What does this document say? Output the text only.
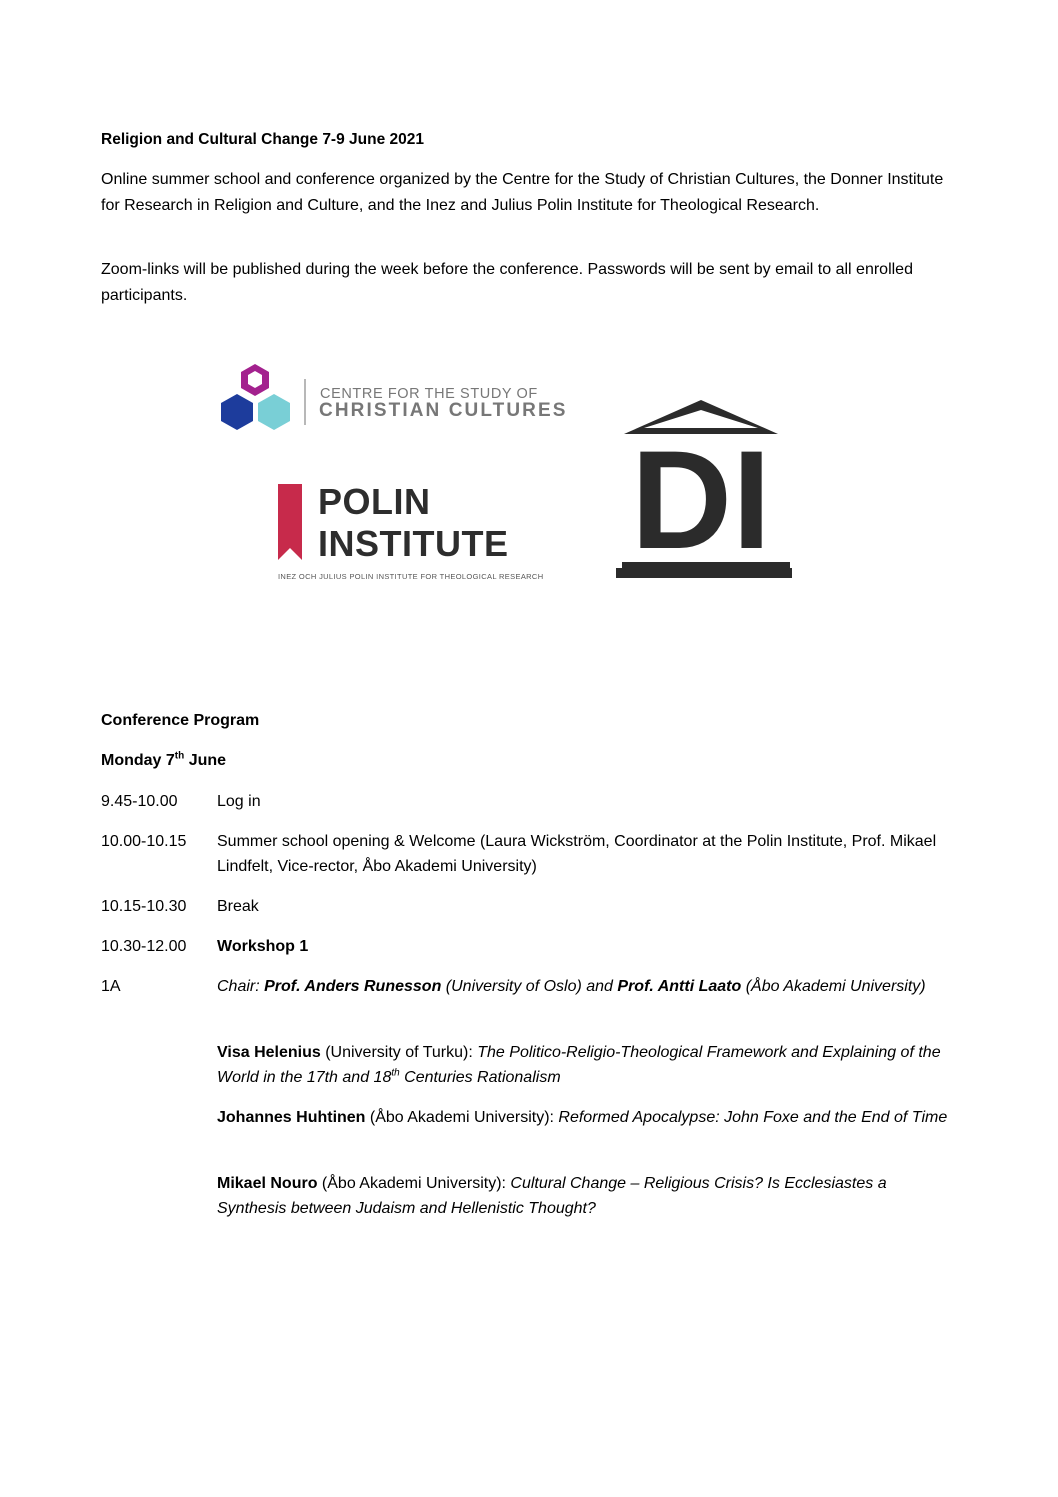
Religion and Cultural Change 7-9 June 2021
Online summer school and conference organized by the Centre for the Study of Christian Cultures, the Donner Institute for Research in Religion and Culture, and the Inez and Julius Polin Institute for Theological Research.
Zoom-links will be published during the week before the conference. Passwords will be sent by email to all enrolled participants.
CENTRE FOR THE STUDY OF
CHRISTIAN CULTURES
POLIN
INSTITUTE
INEZ OCH JULIUS POLIN INSTITUTE FOR THEOLOGICAL RESEARCH DI
Conference Program
Monday 7th June
9.45-10.00 Log in
10.00-10.15 Summer school opening & Welcome (Laura Wickström, Coordinator at the Polin Institute, Prof. Mikael Lindfelt, Vice-rector, Åbo Akademi University)
10.15-10.30 Break
10.30-12.00 Workshop 1
1A	Chair: Prof. Anders Runesson (University of Oslo) and Prof. Antti Laato (Åbo Akademi University)
Visa Helenius (University of Turku): The Politico-Religio-Theological Framework and Explaining of the World in the 17th and 18th Centuries Rationalism
Johannes Huhtinen (Åbo Akademi University): Reformed Apocalypse: John Foxe and the End of Time
Mikael Nouro (Åbo Akademi University): Cultural Change – Religious Crisis? Is Ecclesiastes a Synthesis between Judaism and Hellenistic Thought?
